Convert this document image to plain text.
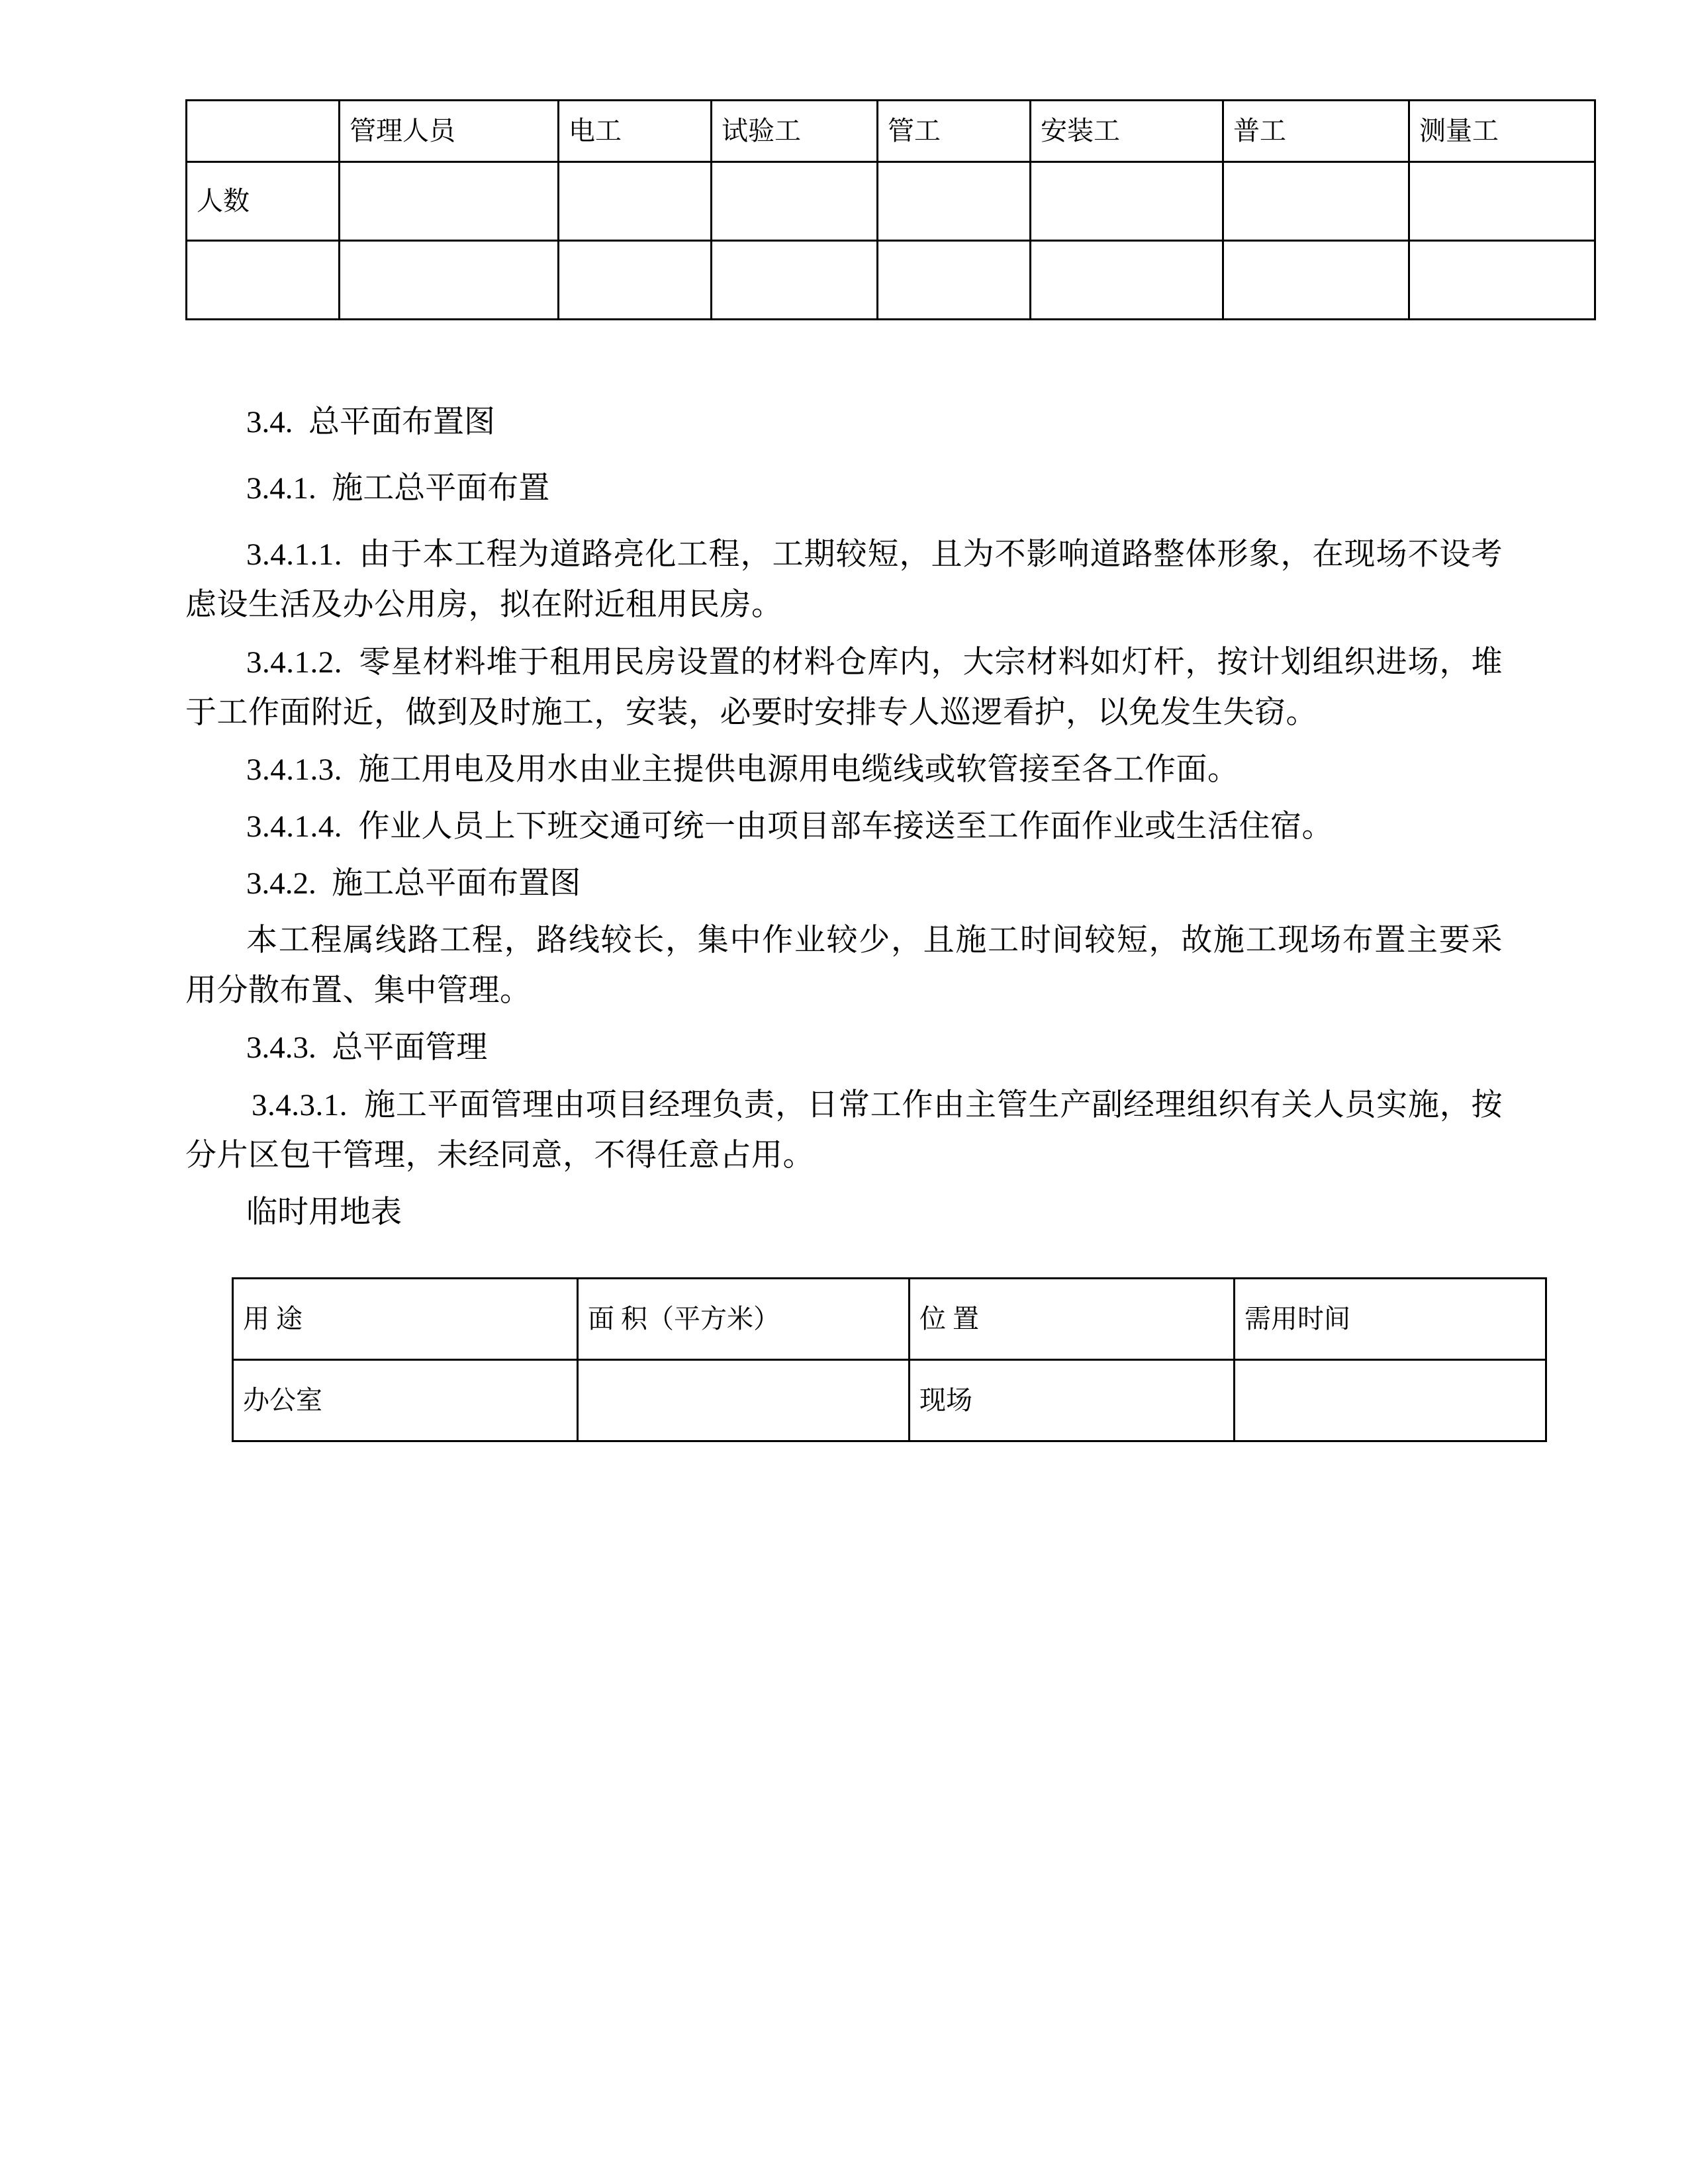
	管理人员	电工	试验工	管工	安装工	普工	测量工
人数							

3.4. 总平面布置图
3.4.1. 施工总平面布置
3.4.1.1. 由于本工程为道路亮化工程，工期较短，且为不影响道路整体形象，在现场不设考虑设生活及办公用房，拟在附近租用民房。
3.4.1.2. 零星材料堆于租用民房设置的材料仓库内，大宗材料如灯杆，按计划组织进场，堆于工作面附近，做到及时施工，安装，必要时安排专人巡逻看护，以免发生失窃。
3.4.1.3. 施工用电及用水由业主提供电源用电缆线或软管接至各工作面。
3.4.1.4. 作业人员上下班交通可统一由项目部车接送至工作面作业或生活住宿。
3.4.2. 施工总平面布置图
本工程属线路工程，路线较长，集中作业较少，且施工时间较短，故施工现场布置主要采用分散布置、集中管理。
3.4.3. 总平面管理
3.4.3.1. 施工平面管理由项目经理负责，日常工作由主管生产副经理组织有关人员实施，按分片区包干管理，未经同意，不得任意占用。
临时用地表
用 途	面 积（平方米）	位 置	需用时间
办公室		现场	
